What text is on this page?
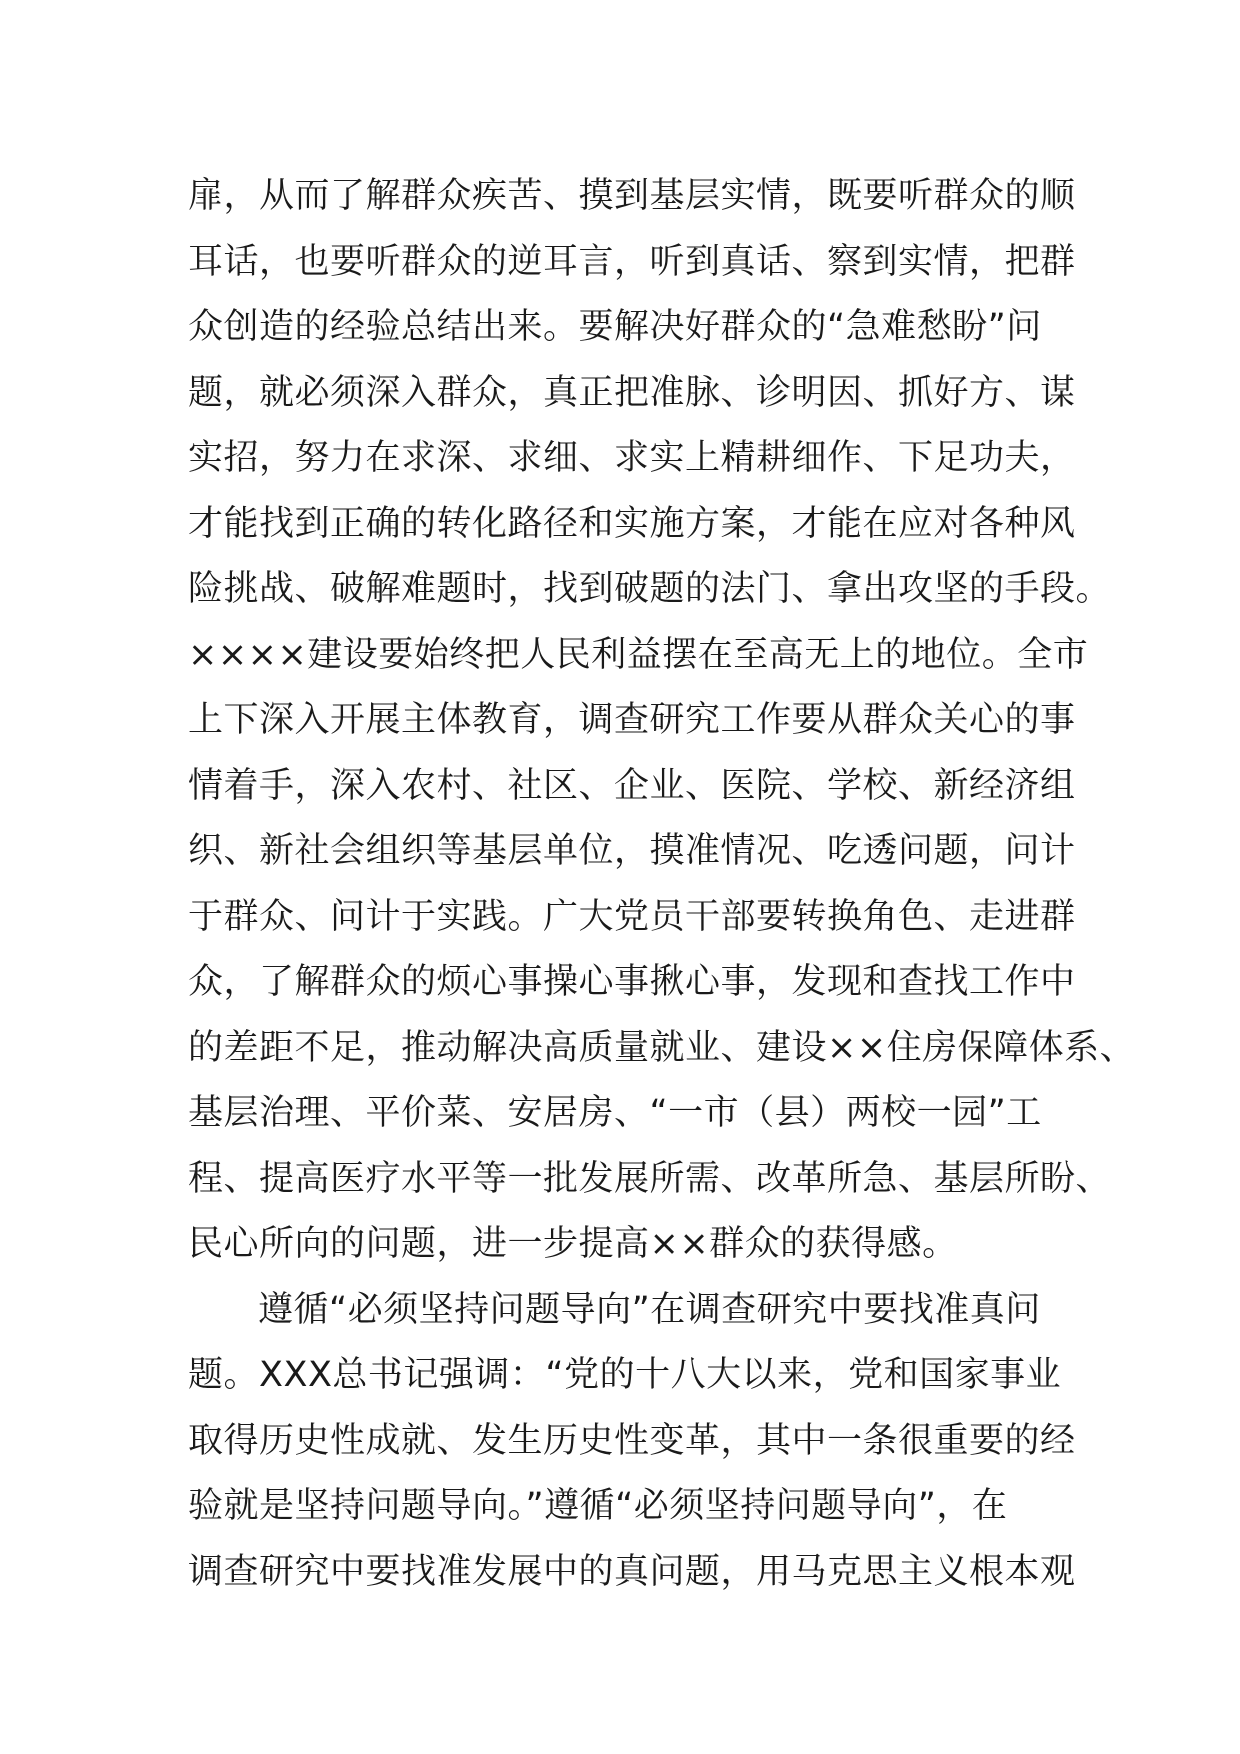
扉，从而了解群众疾苦、摸到基层实情，既要听群众的顺
耳话，也要听群众的逆耳言，听到真话、察到实情，把群
众创造的经验总结出来。要解决好群众的“急难愁盼”问
题，就必须深入群众，真正把准脉、诊明因、抓好方、谋
实招，努力在求深、求细、求实上精耕细作、下足功夫，
才能找到正确的转化路径和实施方案，才能在应对各种风
险挑战、破解难题时，找到破题的法门、拿出攻坚的手段。
××××建设要始终把人民利益摆在至高无上的地位。全市
上下深入开展主体教育，调查研究工作要从群众关心的事
情着手，深入农村、社区、企业、医院、学校、新经济组
织、新社会组织等基层单位，摸准情况、吃透问题，问计
于群众、问计于实践。广大党员干部要转换角色、走进群
众，了解群众的烦心事操心事揪心事，发现和查找工作中
的差距不足，推动解决高质量就业、建设××住房保障体系、
基层治理、平价菜、安居房、“一市（县）两校一园”工
程、提高医疗水平等一批发展所需、改革所急、基层所盼、
民心所向的问题，进一步提高××群众的获得感。
遵循“必须坚持问题导向”在调查研究中要找准真问
题。XXX总书记强调：“党的十八大以来，党和国家事业
取得历史性成就、发生历史性变革，其中一条很重要的经
验就是坚持问题导向。”遵循“必须坚持问题导向”，在
调查研究中要找准发展中的真问题，用马克思主义根本观
